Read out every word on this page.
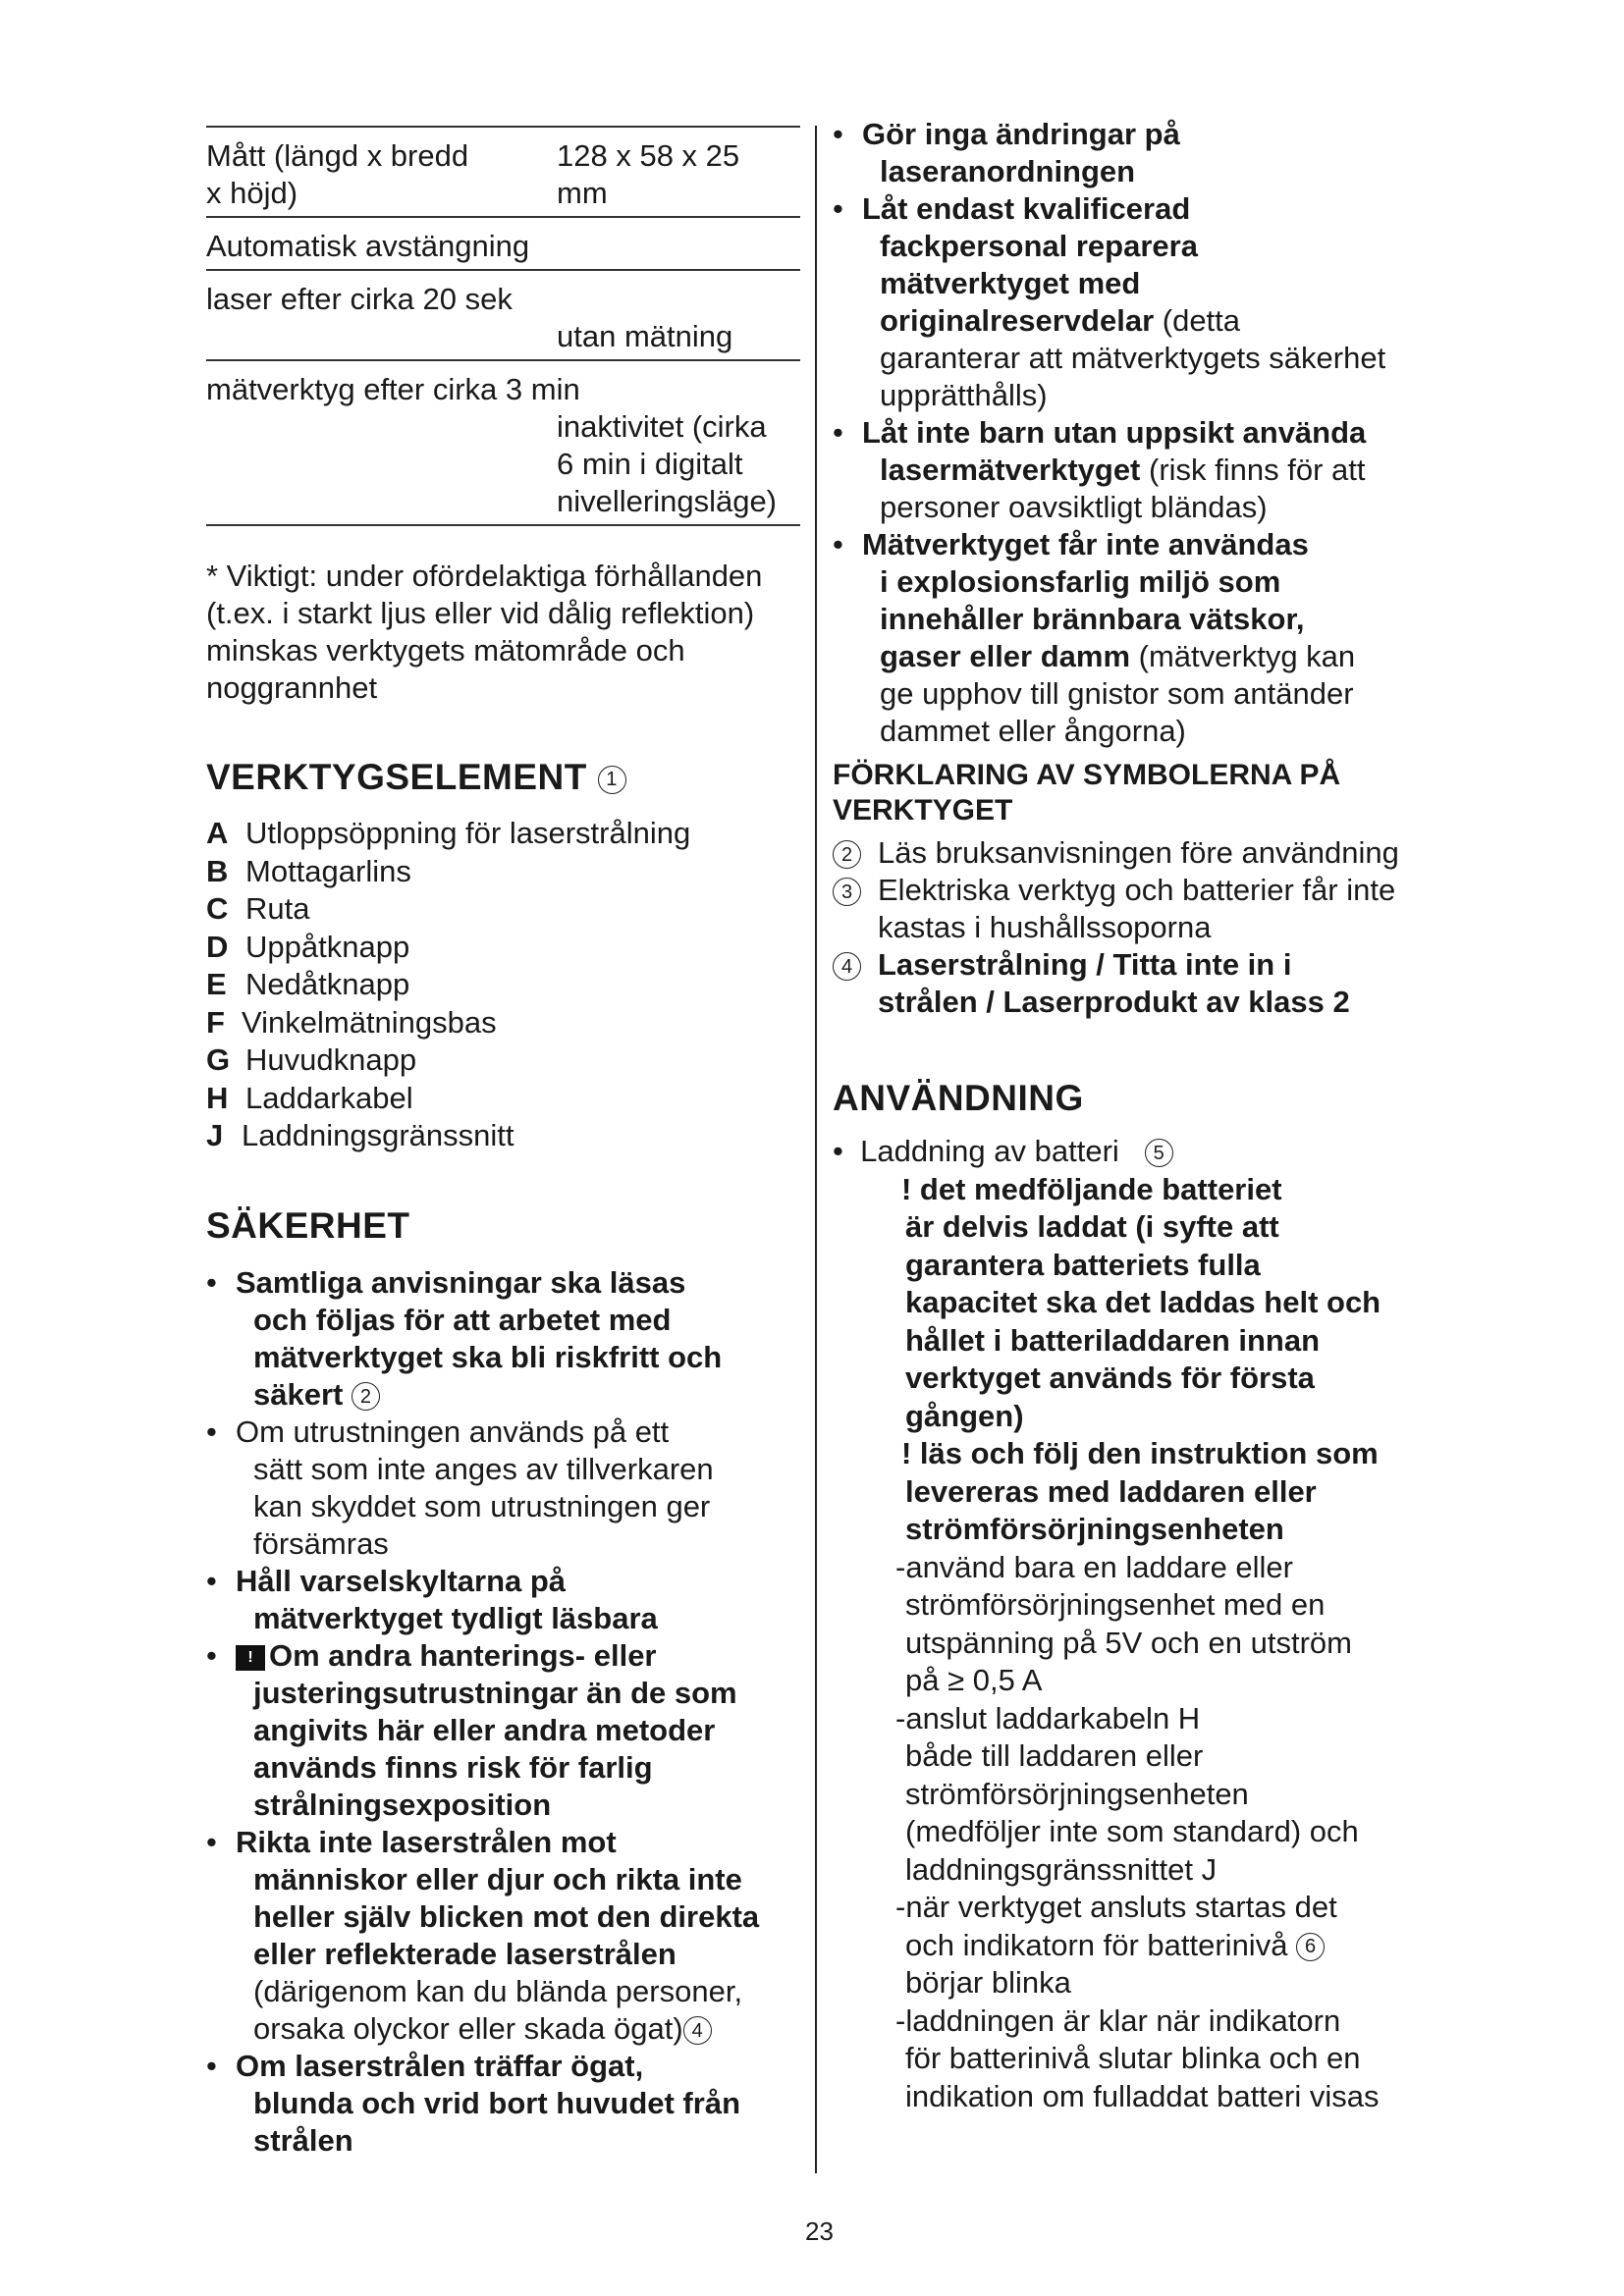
Mått (längd x bredd
x höjd)
128 x 58 x 25
mm
Automatisk avstängning
laser efter cirka 20 sek
utan mätning
mätverktyg efter cirka 3 min
inaktivitet (cirka
6 min i digitalt
nivelleringsläge)
* Viktigt: under ofördelaktiga förhållanden
(t.ex. i starkt ljus eller vid dålig reflektion)
minskas verktygets mätområde och
noggrannhet
VERKTYGSELEMENT 1
A Utloppsöppning för laserstrålning
B Mottagarlins
C Ruta
D Uppåtknapp
E Nedåtknapp
F Vinkelmätningsbas
G Huvudknapp
H Laddarkabel
J Laddningsgränssnitt
SÄKERHET
• Samtliga anvisningar ska läsas
och följas för att arbetet med
mätverktyget ska bli riskfritt och
säkert 2
• Om utrustningen används på ett
sätt som inte anges av tillverkaren
kan skyddet som utrustningen ger
försämras
• Håll varselskyltarna på
mätverktyget tydligt läsbara
•	! Om andra hanterings- eller
justeringsutrustningar än de som
angivits här eller andra metoder
används finns risk för farlig
strålningsexposition
• Rikta inte laserstrålen mot
människor eller djur och rikta inte
heller själv blicken mot den direkta
eller reflekterade laserstrålen
(därigenom kan du blända personer,
orsaka olyckor eller skada ögat) 4
• Om laserstrålen träffar ögat,
blunda och vrid bort huvudet från
strålen
• Gör inga ändringar på
laseranordningen
• Låt endast kvalificerad
fackpersonal reparera
mätverktyget med
originalreservdelar (detta
garanterar att mätverktygets säkerhet
upprätthålls)
• Låt inte barn utan uppsikt använda
lasermätverktyget (risk finns för att
personer oavsiktligt bländas)
• Mätverktyget får inte användas
i explosionsfarlig miljö som
innehåller brännbara vätskor,
gaser eller damm (mätverktyg kan
ge upphov till gnistor som antänder
dammet eller ångorna)
FÖRKLARING AV SYMBOLERNA PÅ
VERKTYGET
2 Läs bruksanvisningen före användning
3 Elektriska verktyg och batterier får inte
kastas i hushållssoporna
4 Laserstrålning / Titta inte in i
strålen / Laserprodukt av klass 2
ANVÄNDNING
• Laddning av batteri 5
! det medföljande batteriet
är delvis laddat (i syfte att
garantera batteriets fulla
kapacitet ska det laddas helt och
hållet i batteriladdaren innan
verktyget används för första
gången)
! läs och följ den instruktion som
levereras med laddaren eller
strömförsörjningsenheten
-använd bara en laddare eller
strömförsörjningsenhet med en
utspänning på 5V och en utström
på ≥ 0,5 A
-anslut laddarkabeln H
både till laddaren eller
strömförsörjningsenheten
(medföljer inte som standard) och
laddningsgränssnittet J
-när verktyget ansluts startas det
och indikatorn för batterinivå 6
börjar blinka
-laddningen är klar när indikatorn
för batterinivå slutar blinka och en
indikation om fulladdat batteri visas
23
